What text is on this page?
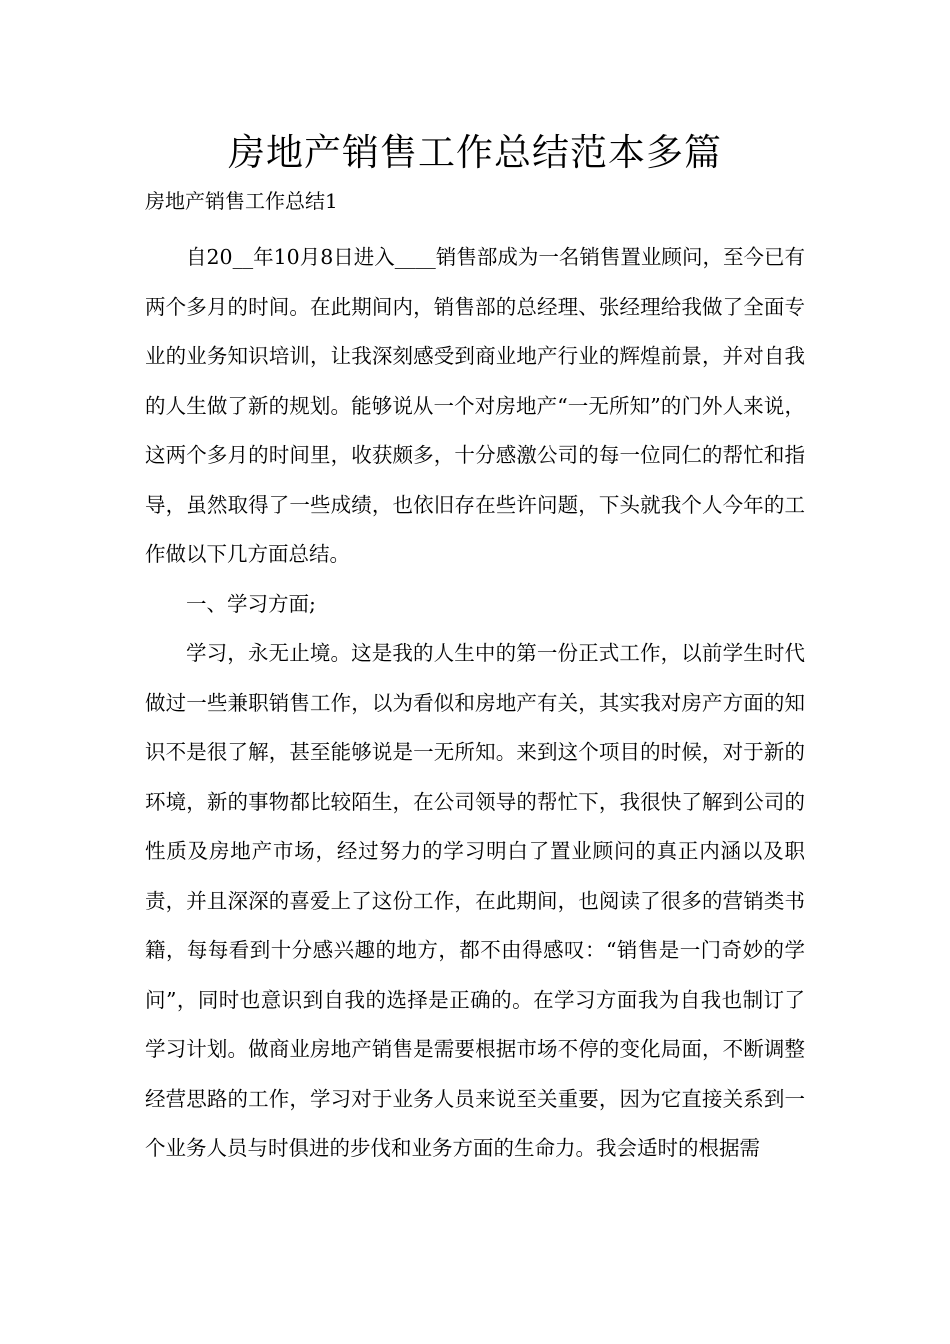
房地产销售工作总结范本多篇

房地产销售工作总结1

自20__年10月8日进入____销售部成为一名销售置业顾问，至今已有两个多月的时间。在此期间内，销售部的总经理、张经理给我做了全面专业的业务知识培训，让我深刻感受到商业地产行业的辉煌前景，并对自我的人生做了新的规划。能够说从一个对房地产“一无所知”的门外人来说，这两个多月的时间里，收获颇多，十分感激公司的每一位同仁的帮忙和指导，虽然取得了一些成绩，也依旧存在些许问题，下头就我个人今年的工作做以下几方面总结。

一、学习方面;

学习，永无止境。这是我的人生中的第一份正式工作，以前学生时代做过一些兼职销售工作，以为看似和房地产有关，其实我对房产方面的知识不是很了解，甚至能够说是一无所知。来到这个项目的时候，对于新的环境，新的事物都比较陌生，在公司领导的帮忙下，我很快了解到公司的性质及房地产市场，经过努力的学习明白了置业顾问的真正内涵以及职责，并且深深的喜爱上了这份工作，在此期间，也阅读了很多的营销类书籍，每每看到十分感兴趣的地方，都不由得感叹：“销售是一门奇妙的学问”，同时也意识到自我的选择是正确的。在学习方面我为自我也制订了学习计划。做商业房地产销售是需要根据市场不停的变化局面，不断调整经营思路的工作，学习对于业务人员来说至关重要，因为它直接关系到一个业务人员与时俱进的步伐和业务方面的生命力。我会适时的根据需
